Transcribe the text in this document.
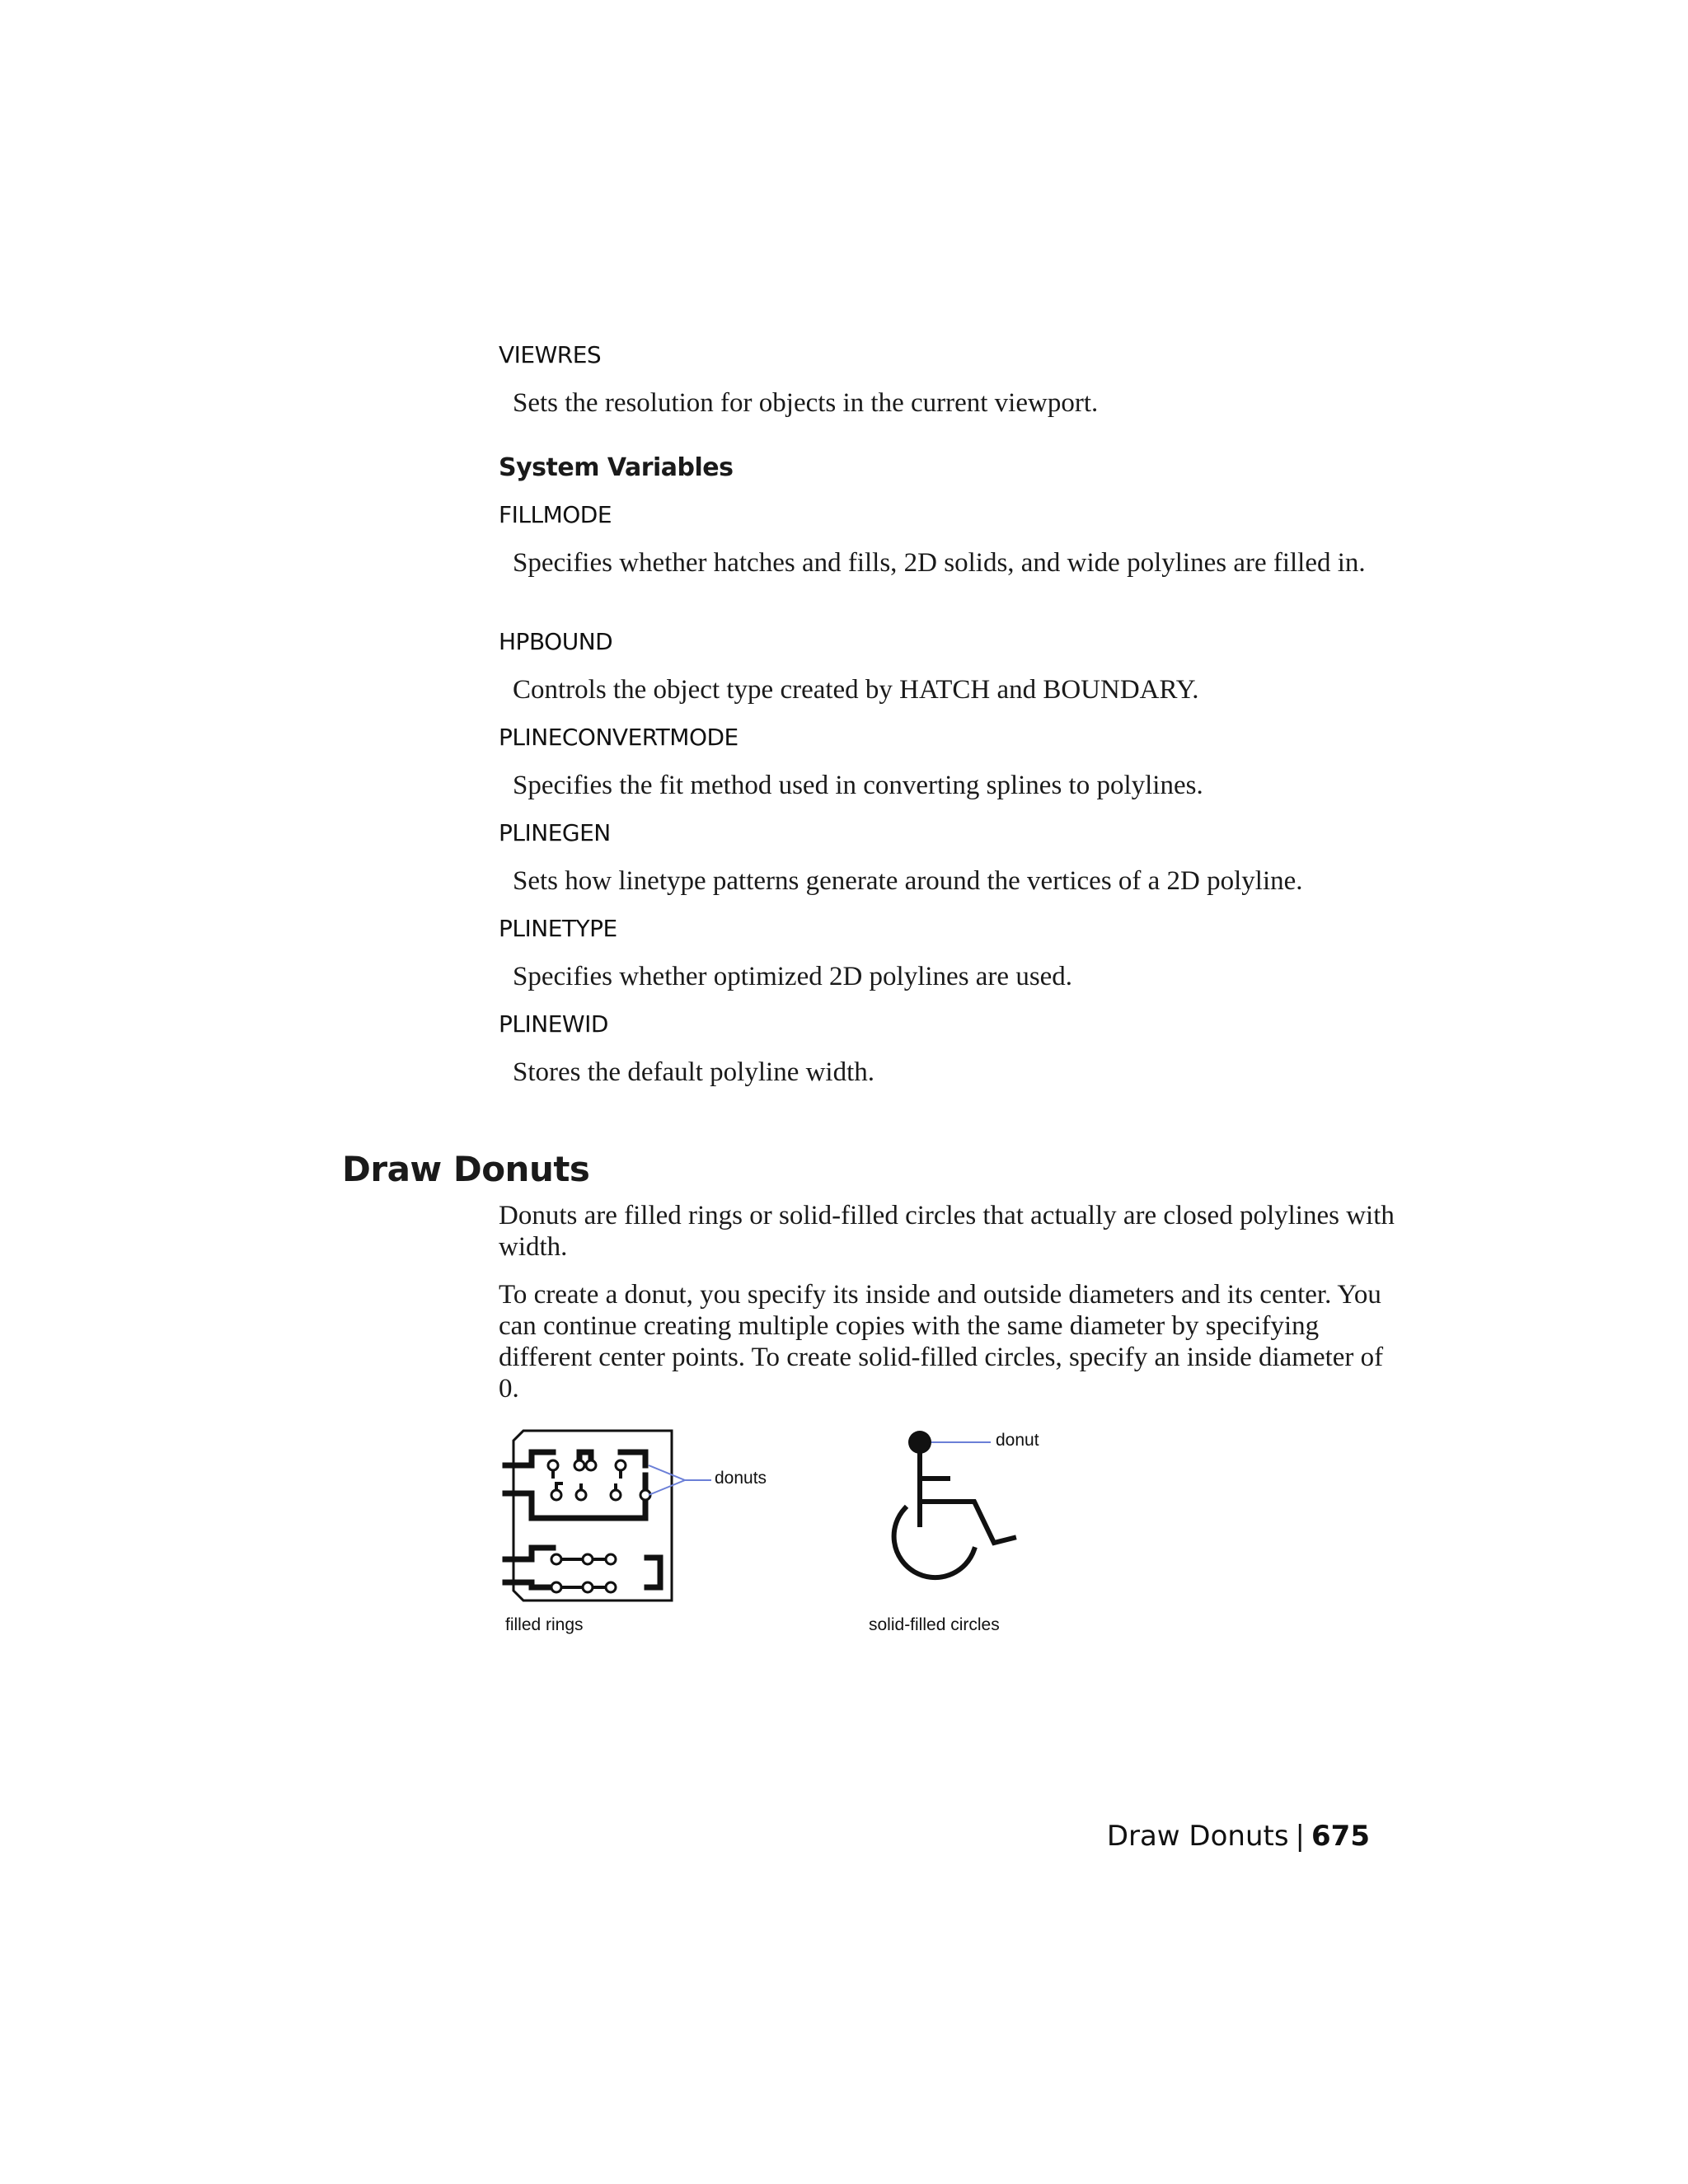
VIEWRES

Sets the resolution for objects in the current viewport.

System Variables

FILLMODE

Specifies whether hatches and fills, 2D solids, and wide polylines are filled in.

HPBOUND

Controls the object type created by HATCH and BOUNDARY.

PLINECONVERTMODE

Specifies the fit method used in converting splines to polylines.

PLINEGEN

Sets how linetype patterns generate around the vertices of a 2D polyline.

PLINETYPE

Specifies whether optimized 2D polylines are used.

PLINEWID

Stores the default polyline width.

Draw Donuts

Donuts are filled rings or solid-filled circles that actually are closed polylines with width.

To create a donut, you specify its inside and outside diameters and its center. You can continue creating multiple copies with the same diameter by specifying different center points. To create solid-filled circles, specify an inside diameter of 0.

donuts
filled rings
donut
solid-filled circles
Draw Donuts | 675
